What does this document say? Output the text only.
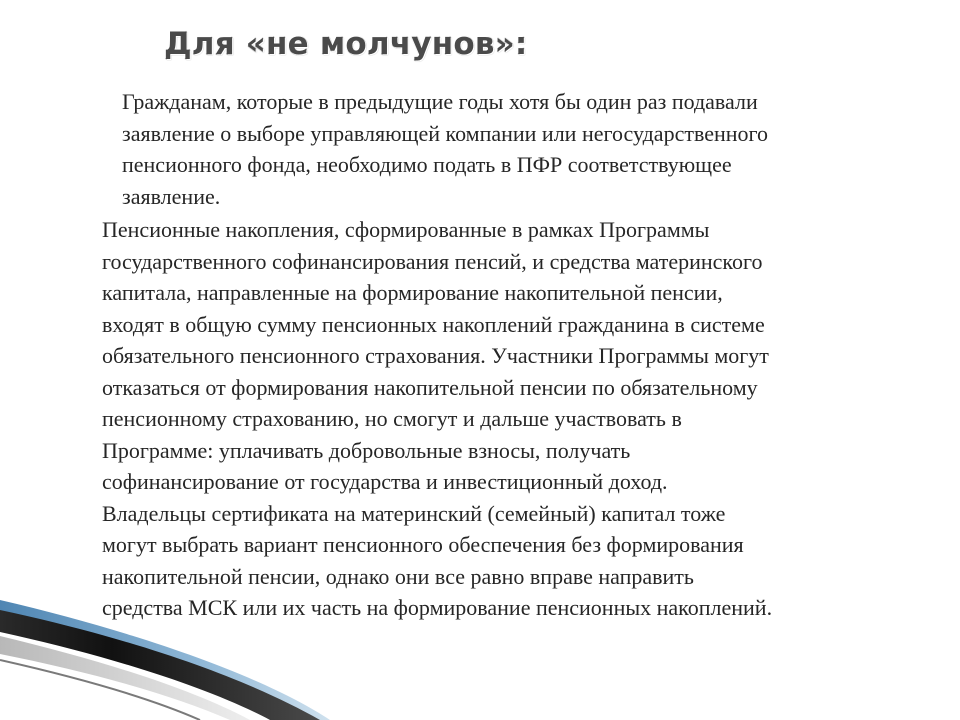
Для «не молчунов»:

Гражданам, которые в предыдущие годы хотя бы один раз подавали
заявление о выборе управляющей компании или негосударственного
пенсионного фонда, необходимо подать в ПФР соответствующее
заявление.

Пенсионные накопления, сформированные в рамках Программы
государственного софинансирования пенсий, и средства материнского
капитала, направленные на формирование накопительной пенсии,
входят в общую сумму пенсионных накоплений гражданина в системе
обязательного пенсионного страхования. Участники Программы могут
отказаться от формирования накопительной пенсии по обязательному
пенсионному страхованию, но смогут и дальше участвовать в
Программе: уплачивать добровольные взносы, получать
софинансирование от государства и инвестиционный доход.
Владельцы сертификата на материнский (семейный) капитал тоже
могут выбрать вариант пенсионного обеспечения без формирования
накопительной пенсии, однако они все равно вправе направить
средства МСК или их часть на формирование пенсионных накоплений.
